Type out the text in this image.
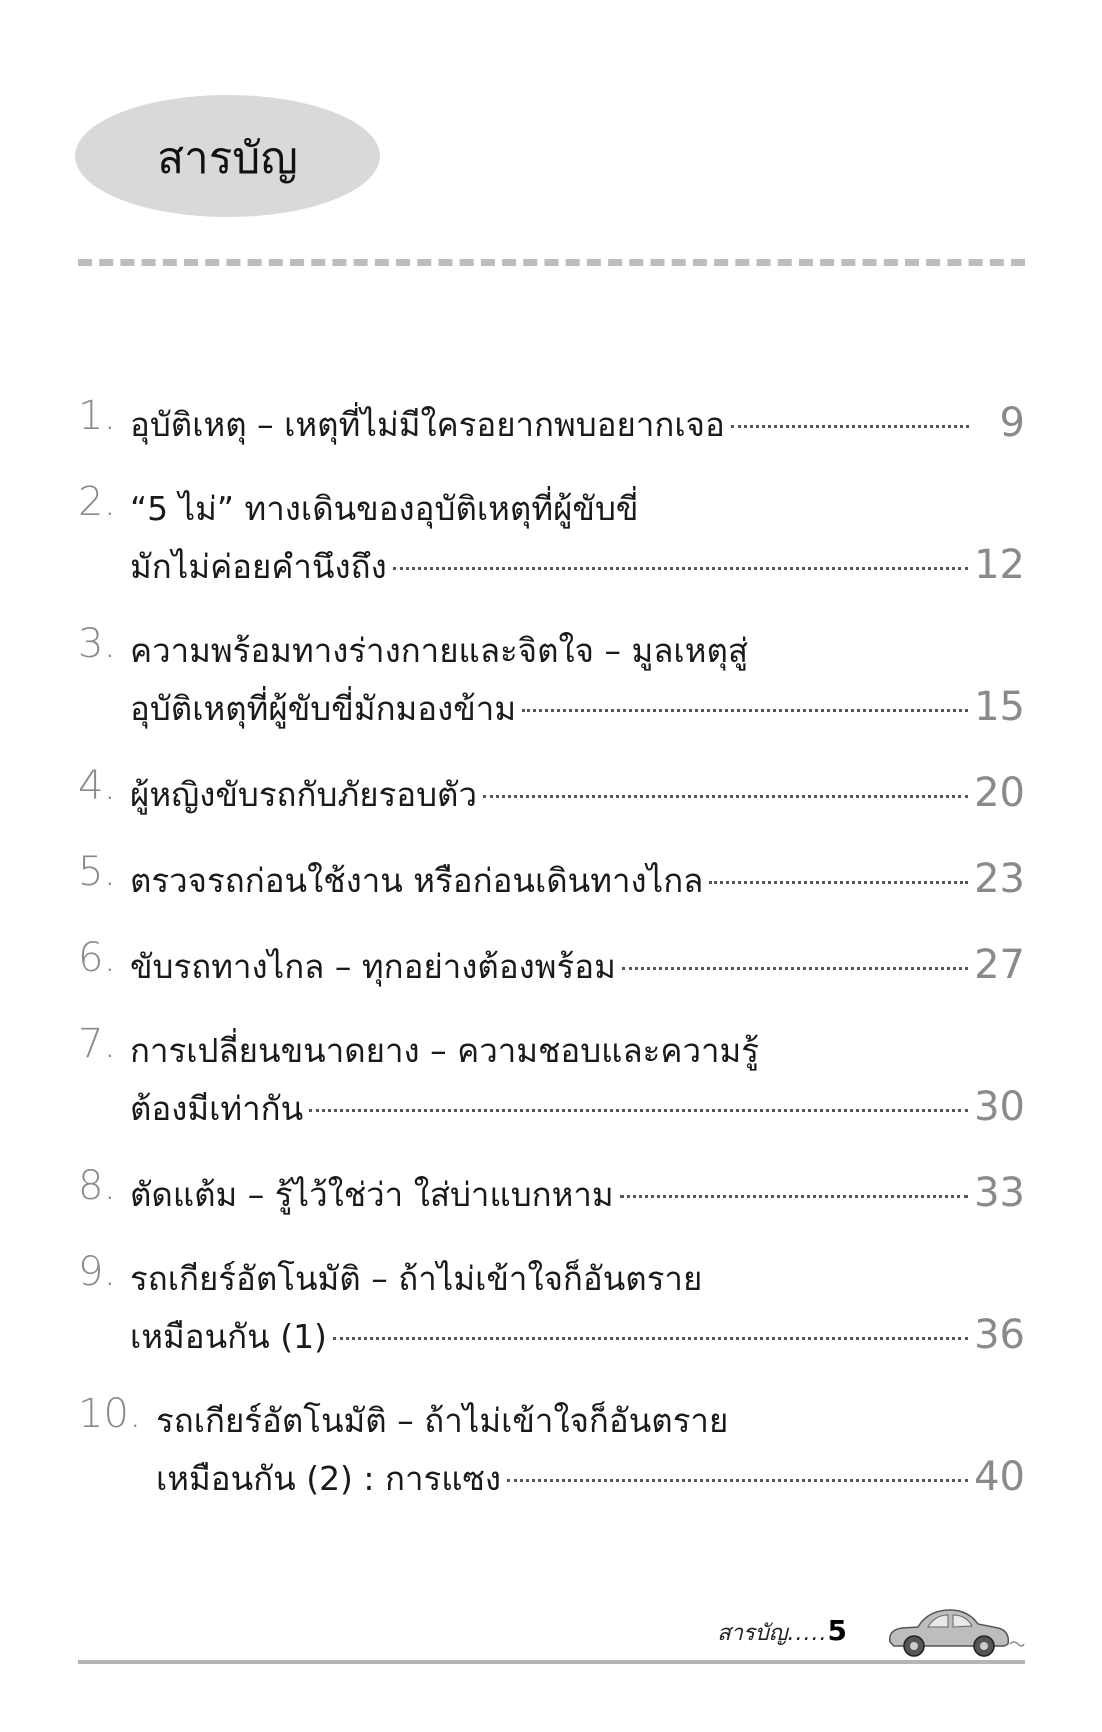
สารบัญ
1. อุบัติเหตุ – เหตุที่ไม่มีใครอยากพบอยากเจอ	9
2. “5 ไม่” ทางเดินของอุบัติเหตุที่ผู้ขับขี่
มักไม่ค่อยคำนึงถึง	12
3. ความพร้อมทางร่างกายและจิตใจ – มูลเหตุสู่
อุบัติเหตุที่ผู้ขับขี่มักมองข้าม	15
4. ผู้หญิงขับรถกับภัยรอบตัว	20
5. ตรวจรถก่อนใช้งาน หรือก่อนเดินทางไกล	23
6. ขับรถทางไกล – ทุกอย่างต้องพร้อม	27
7. การเปลี่ยนขนาดยาง – ความชอบและความรู้
ต้องมีเท่ากัน	30
8. ตัดแต้ม – รู้ไว้ใช่ว่า ใส่บ่าแบกหาม	33
9. รถเกียร์อัตโนมัติ – ถ้าไม่เข้าใจก็อันตราย
เหมือนกัน (1)	36
10. รถเกียร์อัตโนมัติ – ถ้าไม่เข้าใจก็อันตราย
เหมือนกัน (2) : การแซง	40
สารบัญ.....5
